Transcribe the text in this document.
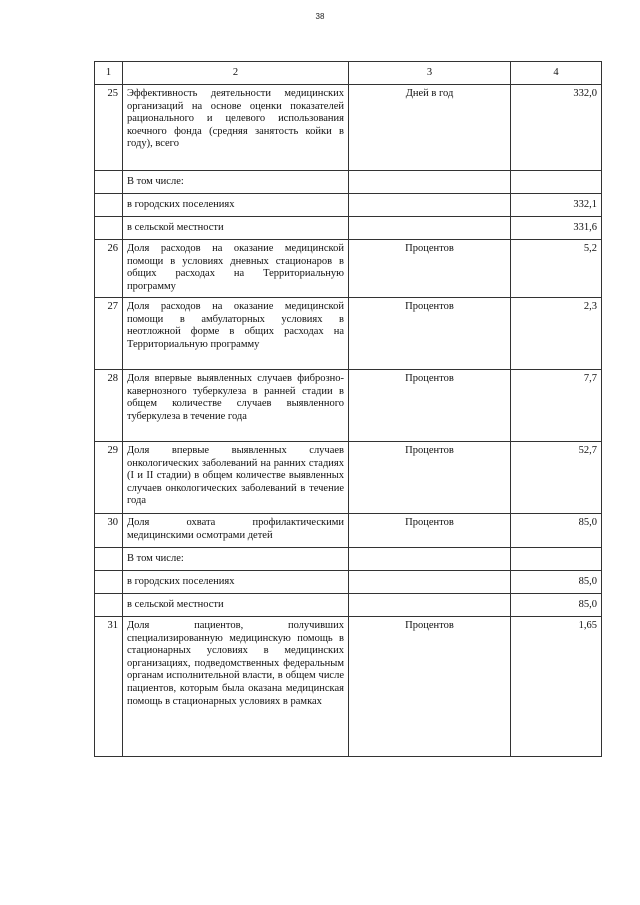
38
1	2	3	4
25	Эффективность деятельности медицинских организаций на основе оценки показателей рационального и целевого использования коечного фонда (средняя занятость койки в году), всего	Дней в год	332,0
	В том числе:		
	в городских поселениях		332,1
	в сельской местности		331,6
26	Доля расходов на оказание медицинской помощи в условиях дневных стационаров в общих расходах на Территориальную программу	Процентов	5,2
27	Доля расходов на оказание медицинской помощи в амбулаторных условиях в неотложной форме в общих расходах на Территориальную программу	Процентов	2,3
28	Доля впервые выявленных случаев фиброзно-кавернозного туберкулеза в ранней стадии в общем количестве случаев выявленного туберкулеза в течение года	Процентов	7,7
29	Доля впервые выявленных случаев онкологических заболеваний на ранних стадиях (I и II стадии) в общем количестве выявленных случаев онкологических заболеваний в течение года	Процентов	52,7
30	Доля охвата профилактическими медицинскими осмотрами детей	Процентов	85,0
	В том числе:		
	в городских поселениях		85,0
	в сельской местности		85,0
31	Доля пациентов, получивших специализированную медицинскую помощь в стационарных условиях в медицинских организациях, подведомственных федеральным органам исполнительной власти, в общем числе пациентов, которым была оказана медицинская помощь в стационарных условиях в рамках	Процентов	1,65
